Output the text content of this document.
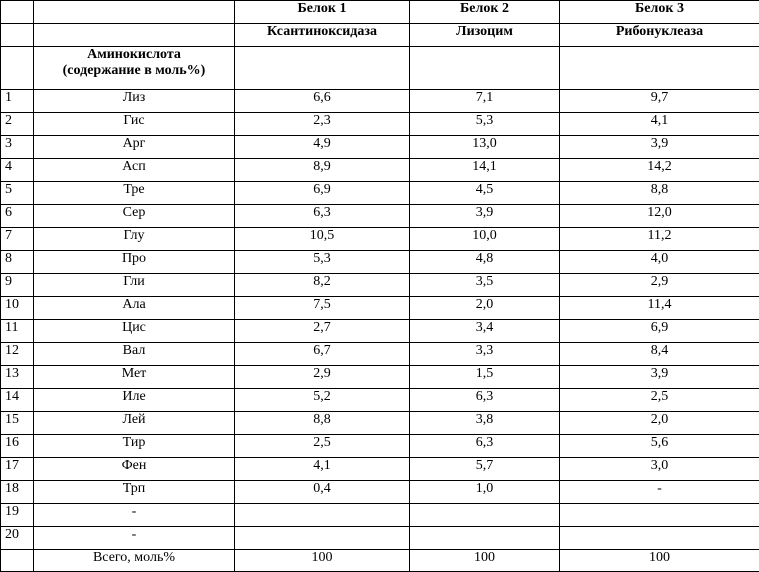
		Белок 1	Белок 2	Белок 3
		Ксантиноксидаза	Лизоцим	Рибонуклеаза

	Аминокислота
(содержание в моль%)			

1	Лиз	6,6	7,1	9,7
2	Гис	2,3	5,3	4,1
3	Арг	4,9	13,0	3,9
4	Асп	8,9	14,1	14,2
5	Тре	6,9	4,5	8,8
6	Сер	6,3	3,9	12,0
7	Глу	10,5	10,0	11,2
8	Про	5,3	4,8	4,0
9	Гли	8,2	3,5	2,9
10	Ала	7,5	2,0	11,4
11	Цис	2,7	3,4	6,9
12	Вал	6,7	3,3	8,4
13	Мет	2,9	1,5	3,9
14	Иле	5,2	6,3	2,5
15	Лей	8,8	3,8	2,0
16	Тир	2,5	6,3	5,6
17	Фен	4,1	5,7	3,0
18	Трп	0,4	1,0	-
19	-			
20	-			
	Всего, моль%	100	100	100
